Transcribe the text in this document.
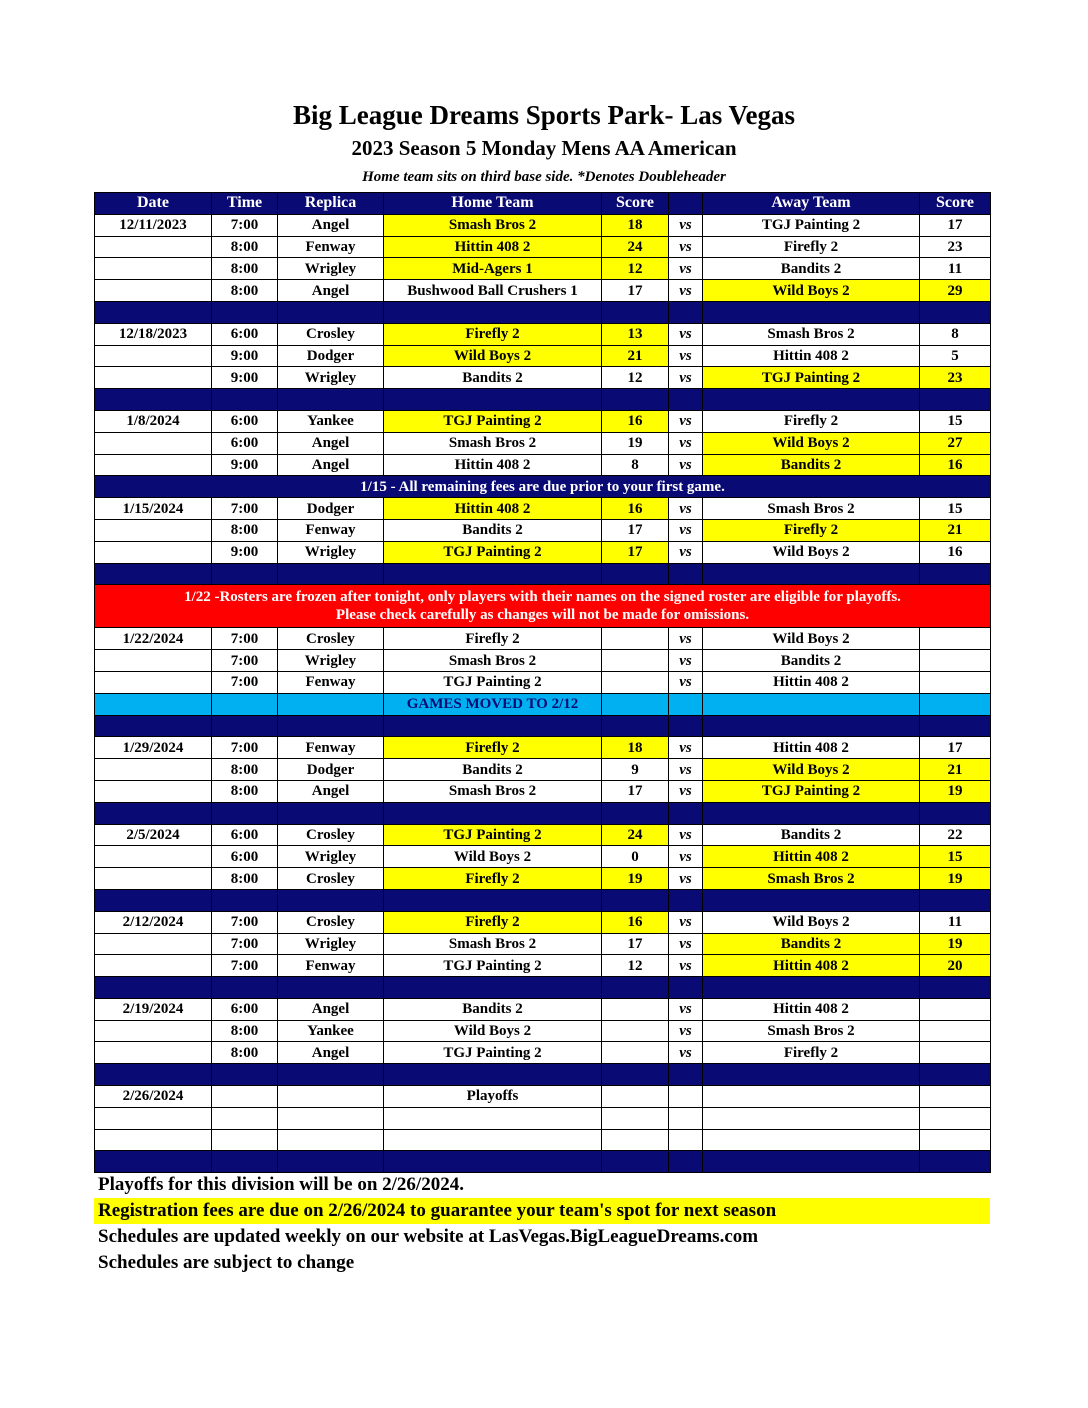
Big League Dreams Sports Park- Las Vegas
2023 Season 5 Monday Mens AA American
Home team sits on third base side. *Denotes Doubleheader
Date	Time	Replica	Home Team	Score		Away Team	Score
12/11/2023	7:00	Angel	Smash Bros 2	18	vs	TGJ Painting 2	17
	8:00	Fenway	Hittin 408 2	24	vs	Firefly 2	23
	8:00	Wrigley	Mid-Agers 1	12	vs	Bandits 2	11
	8:00	Angel	Bushwood Ball Crushers 1	17	vs	Wild Boys 2	29

12/18/2023	6:00	Crosley	Firefly 2	13	vs	Smash Bros 2	8
	9:00	Dodger	Wild Boys 2	21	vs	Hittin 408 2	5
	9:00	Wrigley	Bandits 2	12	vs	TGJ Painting 2	23

1/8/2024	6:00	Yankee	TGJ Painting 2	16	vs	Firefly 2	15
	6:00	Angel	Smash Bros 2	19	vs	Wild Boys 2	27
	9:00	Angel	Hittin 408 2	8	vs	Bandits 2	16
1/15 - All remaining fees are due prior to your first game.							
1/15/2024	7:00	Dodger	Hittin 408 2	16	vs	Smash Bros 2	15
	8:00	Fenway	Bandits 2	17	vs	Firefly 2	21
	9:00	Wrigley	TGJ Painting 2	17	vs	Wild Boys 2	16

1/22 -Rosters are frozen after tonight, only players with their names on the signed roster are eligible for playoffs.
Please check carefully as changes will not be made for omissions.							

1/22/2024	7:00	Crosley	Firefly 2		vs	Wild Boys 2	
	7:00	Wrigley	Smash Bros 2		vs	Bandits 2	
	7:00	Fenway	TGJ Painting 2		vs	Hittin 408 2	
			GAMES MOVED TO 2/12				

1/29/2024	7:00	Fenway	Firefly 2	18	vs	Hittin 408 2	17
	8:00	Dodger	Bandits 2	9	vs	Wild Boys 2	21
	8:00	Angel	Smash Bros 2	17	vs	TGJ Painting 2	19

2/5/2024	6:00	Crosley	TGJ Painting 2	24	vs	Bandits 2	22
	6:00	Wrigley	Wild Boys 2	0	vs	Hittin 408 2	15
	8:00	Crosley	Firefly 2	19	vs	Smash Bros 2	19

2/12/2024	7:00	Crosley	Firefly 2	16	vs	Wild Boys 2	11
	7:00	Wrigley	Smash Bros 2	17	vs	Bandits 2	19
	7:00	Fenway	TGJ Painting 2	12	vs	Hittin 408 2	20

2/19/2024	6:00	Angel	Bandits 2		vs	Hittin 408 2	
	8:00	Yankee	Wild Boys 2		vs	Smash Bros 2	
	8:00	Angel	TGJ Painting 2		vs	Firefly 2	

2/26/2024			Playoffs				

Playoffs for this division will be on 2/26/2024.
Registration fees are due on 2/26/2024 to guarantee your team's spot for next season
Schedules are updated weekly on our website at LasVegas.BigLeagueDreams.com
Schedules are subject to change
